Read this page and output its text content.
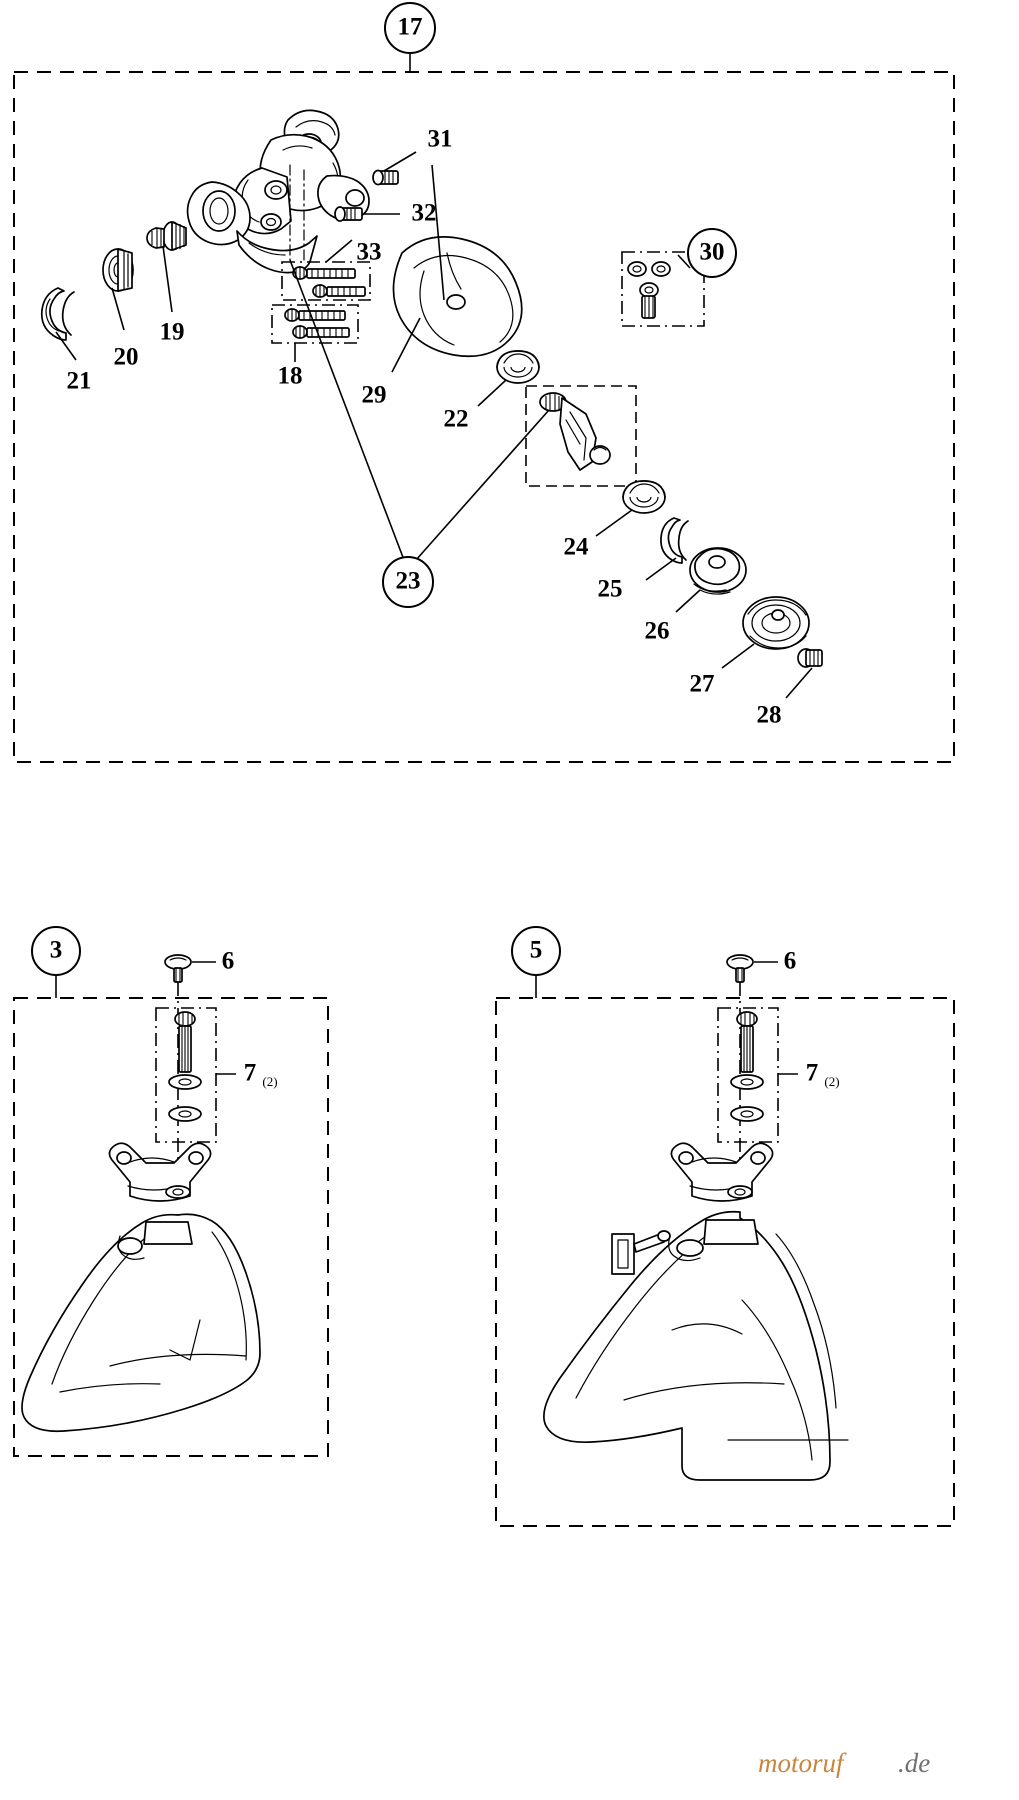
17
31
32
33	30
18
19
20
21
22
23
24
25
26
27
28
29
3	5
6	6
7 (2)	7 (2)
motoruf .de
